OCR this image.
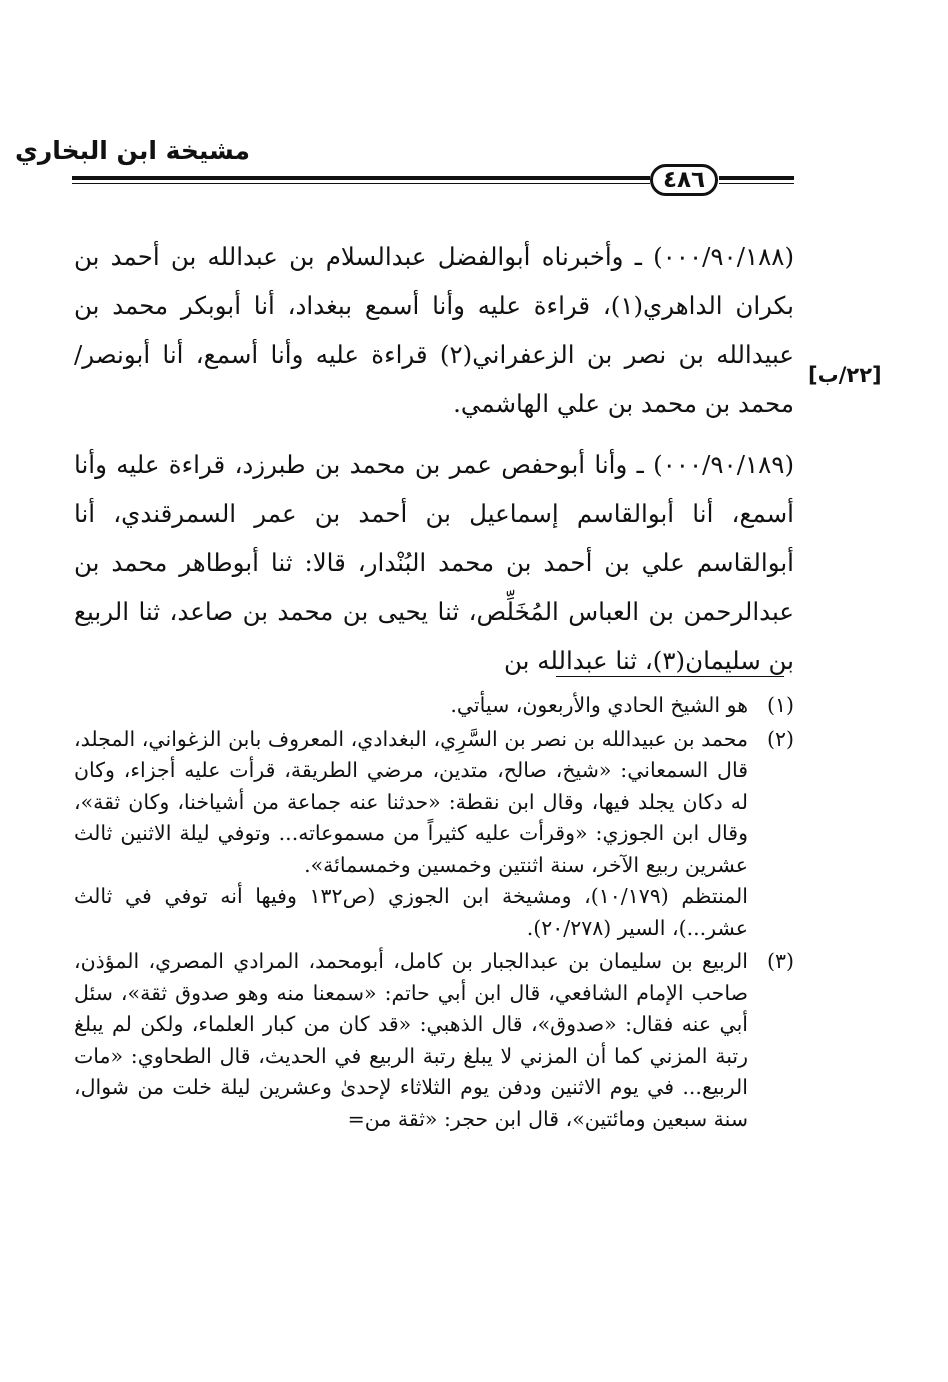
مشيخة ابن البخاري
٤٨٦
[٢٢/ب]

(٠٠٠/٩٠/١٨٨) ـ وأخبرناه أبوالفضل عبدالسلام بن عبدالله بن أحمد بن بكران الداهري(١)، قراءة عليه وأنا أسمع ببغداد، أنا أبوبكر محمد بن عبيدالله بن نصر بن الزعفراني(٢) قراءة عليه وأنا أسمع، أنا أبونصر/ محمد بن محمد بن علي الهاشمي.

(٠٠٠/٩٠/١٨٩) ـ وأنا أبوحفص عمر بن محمد بن طبرزد، قراءة عليه وأنا أسمع، أنا أبوالقاسم إسماعيل بن أحمد بن عمر السمرقندي، أنا أبوالقاسم علي بن أحمد بن محمد البُنْدار، قالا: ثنا أبوطاهر محمد بن عبدالرحمن بن العباس المُخَلِّص، ثنا يحيى بن محمد بن صاعد، ثنا الربيع بن سليمان(٣)، ثنا عبدالله بن

(١)

هو الشيخ الحادي والأربعون، سيأتي.

(٢)

محمد بن عبيدالله بن نصر بن السَّرِي، البغدادي، المعروف بابن الزغواني، المجلد، قال السمعاني: «شيخ، صالح، متدين، مرضي الطريقة، قرأت عليه أجزاء، وكان له دكان يجلد فيها، وقال ابن نقطة: «حدثنا عنه جماعة من أشياخنا، وكان ثقة»، وقال ابن الجوزي: «وقرأت عليه كثيراً من مسموعاته... وتوفي ليلة الاثنين ثالث عشرين ربيع الآخر، سنة اثنتين وخمسين وخمسمائة».

المنتظم (١٠/١٧٩)، ومشيخة ابن الجوزي (ص١٣٢ وفيها أنه توفي في ثالث عشر...)، السير (٢٠/٢٧٨).

(٣)

الربيع بن سليمان بن عبدالجبار بن كامل، أبومحمد، المرادي المصري، المؤذن، صاحب الإمام الشافعي، قال ابن أبي حاتم: «سمعنا منه وهو صدوق ثقة»، سئل أبي عنه فقال: «صدوق»، قال الذهبي: «قد كان من كبار العلماء، ولكن لم يبلغ رتبة المزني كما أن المزني لا يبلغ رتبة الربيع في الحديث، قال الطحاوي: «مات الربيع... في يوم الاثنين ودفن يوم الثلاثاء لإحدىٰ وعشرين ليلة خلت من شوال، سنة سبعين ومائتين»، قال ابن حجر: «ثقة من=
